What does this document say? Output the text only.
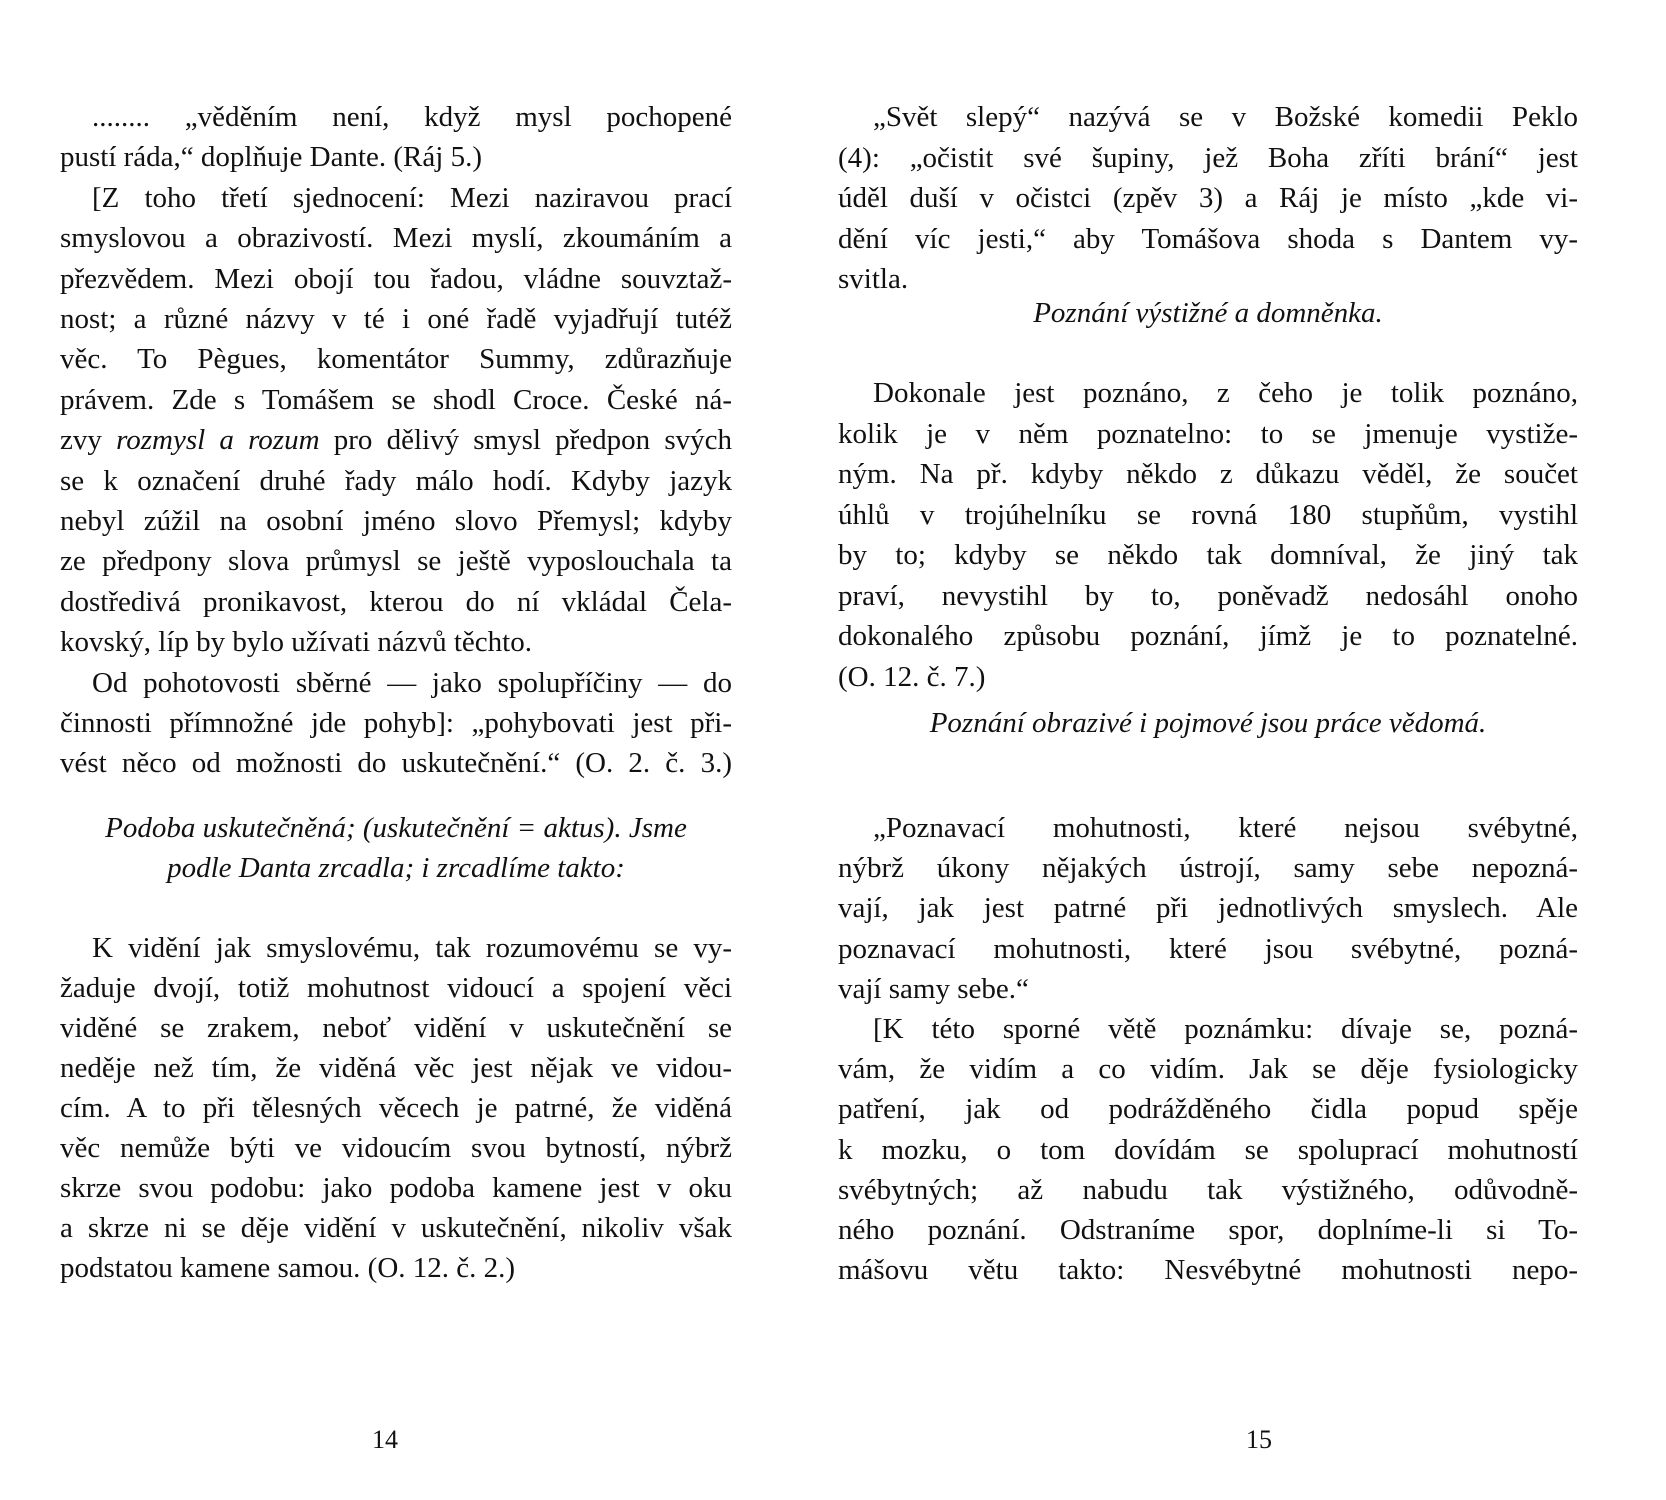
........ „věděním není, když mysl pochopené
pustí ráda,“ doplňuje Dante. (Ráj 5.)
[Z toho třetí sjednocení: Mezi naziravou prací
smyslovou a obrazivostí. Mezi myslí, zkoumáním a
přezvědem. Mezi obojí tou řadou, vládne souvztaž-
nost; a různé názvy v té i oné řadě vyjadřují tutéž
věc. To Pègues, komentátor Summy, zdůrazňuje
právem. Zde s Tomášem se shodl Croce. České ná-
zvy rozmysl a rozum pro dělivý smysl předpon svých
se k označení druhé řady málo hodí. Kdyby jazyk
nebyl zúžil na osobní jméno slovo Přemysl; kdyby
ze předpony slova průmysl se ještě vyposlouchala ta
dostředivá pronikavost, kterou do ní vkládal Čela-
kovský, líp by bylo užívati názvů těchto.
Od pohotovosti sběrné — jako spolupříčiny — do
činnosti přímnožné jde pohyb]: „pohybovati jest při-
vést něco od možnosti do uskutečnění.“ (O. 2. č. 3.)
Podoba uskutečněná; (uskutečnění = aktus). Jsme
podle Danta zrcadla; i zrcadlíme takto:
K vidění jak smyslovému, tak rozumovému se vy-
žaduje dvojí, totiž mohutnost vidoucí a spojení věci
viděné se zrakem, neboť vidění v uskutečnění se
neděje než tím, že viděná věc jest nějak ve vidou-
cím. A to při tělesných věcech je patrné, že viděná
věc nemůže býti ve vidoucím svou bytností, nýbrž
skrze svou podobu: jako podoba kamene jest v oku
a skrze ni se děje vidění v uskutečnění, nikoliv však
podstatou kamene samou. (O. 12. č. 2.)
14
„Svět slepý“ nazývá se v Božské komedii Peklo
(4): „očistit své šupiny, jež Boha zříti brání“ jest
úděl duší v očistci (zpěv 3) a Ráj je místo „kde vi-
dění víc jesti,“ aby Tomášova shoda s Dantem vy-
svitla.
Poznání výstižné a domněnka.
Dokonale jest poznáno, z čeho je tolik poznáno,
kolik je v něm poznatelno: to se jmenuje vystiže-
ným. Na př. kdyby někdo z důkazu věděl, že součet
úhlů v trojúhelníku se rovná 180 stupňům, vystihl
by to; kdyby se někdo tak domníval, že jiný tak
praví, nevystihl by to, poněvadž nedosáhl onoho
dokonalého způsobu poznání, jímž je to poznatelné.
(O. 12. č. 7.)
Poznání obrazivé i pojmové jsou práce vědomá.
„Poznavací mohutnosti, které nejsou svébytné,
nýbrž úkony nějakých ústrojí, samy sebe nepozná-
vají, jak jest patrné při jednotlivých smyslech. Ale
poznavací mohutnosti, které jsou svébytné, pozná-
vají samy sebe.“
[K této sporné větě poznámku: dívaje se, pozná-
vám, že vidím a co vidím. Jak se děje fysiologicky
patření, jak od podrážděného čidla popud spěje
k mozku, o tom dovídám se spoluprací mohutností
svébytných; až nabudu tak výstižného, odůvodně-
ného poznání. Odstraníme spor, doplníme-li si To-
mášovu větu takto: Nesvébytné mohutnosti nepo-
15
